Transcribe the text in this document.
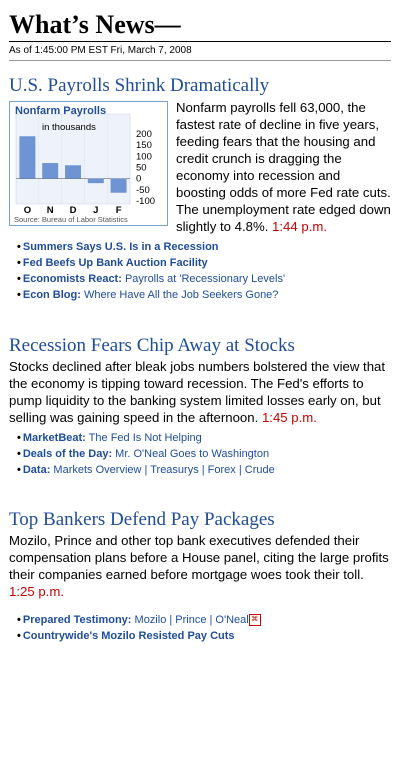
What’s News—
As of 1:45:00 PM EST Fri, March 7, 2008
U.S. Payrolls Shrink Dramatically
Nonfarm Payrolls
in thousands
200
150
100
50
0
-50
-100
O N D J F
Source: Bureau of Labor Statistics
Nonfarm payrolls fell 63,000, the fastest rate of decline in five years, feeding fears that the housing and credit crunch is dragging the economy into recession and boosting odds of more Fed rate cuts. The unemployment rate edged down slightly to 4.8%. 1:44 p.m.
• Summers Says U.S. Is in a Recession
• Fed Beefs Up Bank Auction Facility
• Economists React: Payrolls at 'Recessionary Levels'
• Econ Blog: Where Have All the Job Seekers Gone?
Recession Fears Chip Away at Stocks
Stocks declined after bleak jobs numbers bolstered the view that the economy is tipping toward recession. The Fed's efforts to pump liquidity to the banking system limited losses early on, but selling was gaining speed in the afternoon. 1:45 p.m.
• MarketBeat: The Fed Is Not Helping
• Deals of the Day: Mr. O'Neal Goes to Washington
• Data: Markets Overview | Treasurys | Forex | Crude
Top Bankers Defend Pay Packages
Mozilo, Prince and other top bank executives defended their compensation plans before a House panel, citing the large profits their companies earned before mortgage woes took their toll. 1:25 p.m.
• Prepared Testimony: Mozilo | Prince | O'Neal ⌘
• Countrywide's Mozilo Resisted Pay Cuts
